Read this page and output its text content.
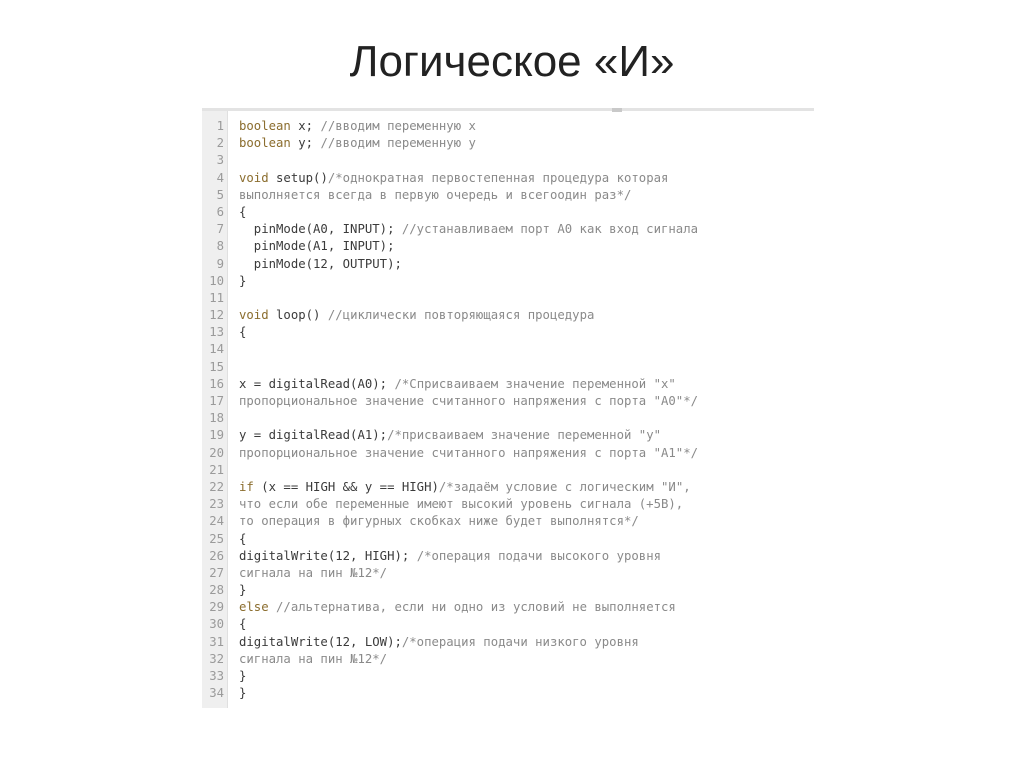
Логическое «И»
1 boolean x; //вводим переменную x
2 boolean y; //вводим переменную y
3
4 void setup()/*однократная первостепенная процедура которая
5 выполняется всегда в первую очередь и всегоодин раз*/
6 {
7 pinMode(A0, INPUT); //устанавливаем порт A0 как вход сигнала
8 pinMode(A1, INPUT);
9 pinMode(12, OUTPUT);
10 }
11
12 void loop() //циклически повторяющаяся процедура
13 {
14
15
16 x = digitalRead(A0); /*Cприсваиваем значение переменной "x"
17 пропорциональное значение считанного напряжения с порта "A0"*/
18
19 y = digitalRead(A1);/*присваиваем значение переменной "y"
20 пропорциональное значение считанного напряжения с порта "A1"*/
21
22 if (x == HIGH && y == HIGH)/*задаём условие с логическим "И",
23 что если обе переменные имеют высокий уровень сигнала (+5В),
24 то операция в фигурных скобках ниже будет выполнятся*/
25 {
26 digitalWrite(12, HIGH); /*операция подачи высокого уровня
27 сигнала на пин №12*/
28 }
29 else //альтернатива, если ни одно из условий не выполняется
30 {
31 digitalWrite(12, LOW);/*операция подачи низкого уровня
32 сигнала на пин №12*/
33 }
34 }
